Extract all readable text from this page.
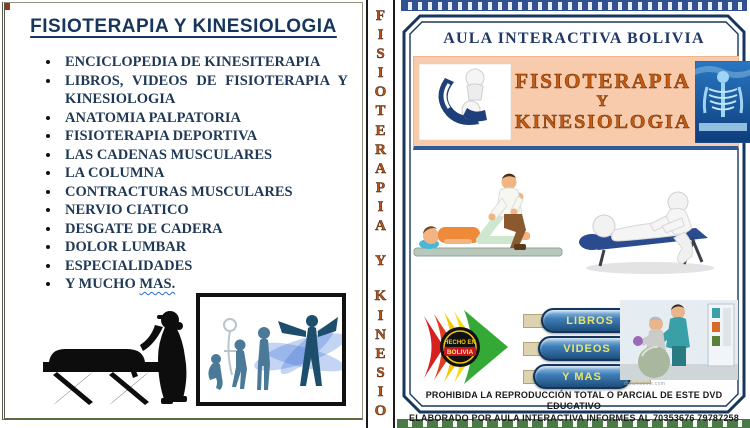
FISIOTERAPIA Y KINESIOLOGIA
• ENCICLOPEDIA DE KINESITERAPIA
• LIBROS, VIDEOS DE FISIOTERAPIA Y KINESIOLOGIA
• ANATOMIA PALPATORIA
• FISIOTERAPIA DEPORTIVA
• LAS CADENAS MUSCULARES
• LA COLUMNA
• CONTRACTURAS MUSCULARES
• NERVIO CIATICO
• DESGATE DE CADERA
• DOLOR LUMBAR
• ESPECIALIDADES
• Y MUCHO MAS.
F
I
S
I
O
T
E
R
A
P
I
A
Y
K
I
N
E
S
I
O
AULA INTERACTIVA BOLIVIA
FISIOTERAPIA
Y
KINESIOLOGIA
HECHO EN
BOLIVIA
LIBROS
VIDEOS
Y MAS
dreamstime.com
PROHIBIDA LA REPRODUCCIÓN TOTAL O PARCIAL DE ESTE DVD EDUCATIVO
ELABORADO POR AULA INTERACTIVA INFORMES AL 70353676 79787258
